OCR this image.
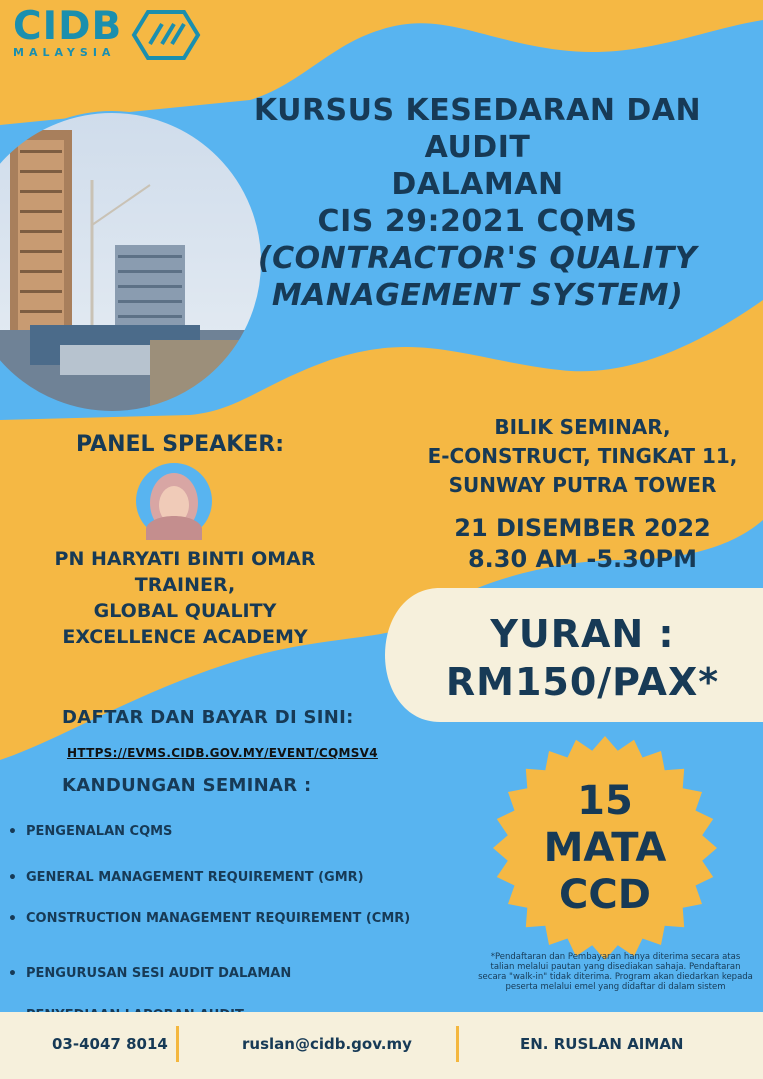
CIDB
MALAYSIA
KURSUS KESEDARAN DAN AUDIT
DALAMAN
CIS 29:2021 CQMS
(CONTRACTOR'S QUALITY
MANAGEMENT SYSTEM)
PANEL SPEAKER:
PN HARYATI BINTI OMAR
TRAINER,
GLOBAL QUALITY
EXCELLENCE ACADEMY
BILIK SEMINAR,
E-CONSTRUCT, TINGKAT 11,
SUNWAY PUTRA TOWER
21 DISEMBER 2022
8.30 AM -5.30PM
YURAN :
RM150/PAX*
DAFTAR DAN BAYAR DI SINI:
HTTPS://EVMS.CIDB.GOV.MY/EVENT/CQMSV4
KANDUNGAN SEMINAR :
• PENGENALAN CQMS
• GENERAL MANAGEMENT REQUIREMENT (GMR)
• CONSTRUCTION MANAGEMENT REQUIREMENT (CMR)
• PENGURUSAN SESI AUDIT DALAMAN
•
15
MATA
CCD
*Pendaftaran dan Pembayaran hanya diterima secara atas talian melalui pautan yang disediakan sahaja. Pendaftaran secara "walk-in" tidak diterima. Program akan diedarkan kepada peserta melalui emel yang didaftar di dalam sistem
03-4047 8014	ruslan@cidb.gov.my	EN. RUSLAN AIMAN
